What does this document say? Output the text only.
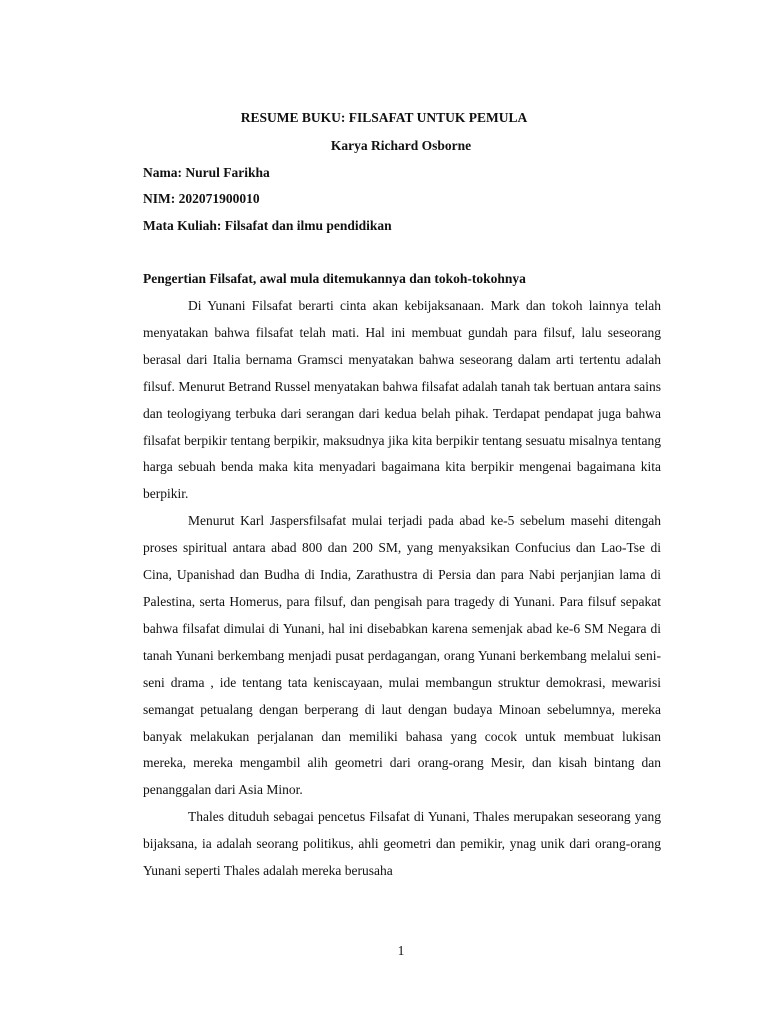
RESUME BUKU: FILSAFAT UNTUK PEMULA
Karya Richard Osborne
Nama: Nurul Farikha
NIM: 202071900010
Mata Kuliah: Filsafat dan ilmu pendidikan
Pengertian Filsafat, awal mula ditemukannya dan tokoh-tokohnya

Di Yunani Filsafat berarti cinta akan kebijaksanaan. Mark dan tokoh lainnya telah menyatakan bahwa filsafat telah mati. Hal ini membuat gundah para filsuf, lalu seseorang berasal dari Italia bernama Gramsci menyatakan bahwa seseorang dalam arti tertentu adalah filsuf. Menurut Betrand Russel menyatakan bahwa filsafat adalah tanah tak bertuan antara sains dan teologiyang terbuka dari serangan dari kedua belah pihak. Terdapat pendapat juga bahwa filsafat berpikir tentang berpikir, maksudnya jika kita berpikir tentang sesuatu misalnya tentang harga sebuah benda maka kita menyadari bagaimana kita berpikir mengenai bagaimana kita berpikir.

Menurut Karl Jaspersfilsafat mulai terjadi pada abad ke-5 sebelum masehi ditengah proses spiritual antara abad 800 dan 200 SM, yang menyaksikan Confucius dan Lao-Tse di Cina, Upanishad dan Budha di India, Zarathustra di Persia dan para Nabi perjanjian lama di Palestina, serta Homerus, para filsuf, dan pengisah para tragedy di Yunani. Para filsuf sepakat bahwa filsafat dimulai di Yunani, hal ini disebabkan karena semenjak abad ke-6 SM Negara di tanah Yunani berkembang menjadi pusat perdagangan, orang Yunani berkembang melalui seni-seni drama , ide tentang tata keniscayaan, mulai membangun struktur demokrasi, mewarisi semangat petualang dengan berperang di laut dengan budaya Minoan sebelumnya, mereka banyak melakukan perjalanan dan memiliki bahasa yang cocok untuk membuat lukisan mereka, mereka mengambil alih geometri dari orang-orang Mesir, dan kisah bintang dan penanggalan dari Asia Minor.

Thales dituduh sebagai pencetus Filsafat di Yunani, Thales merupakan seseorang yang bijaksana, ia adalah seorang politikus, ahli geometri dan pemikir, ynag unik dari orang-orang Yunani seperti Thales adalah mereka berusaha

1
